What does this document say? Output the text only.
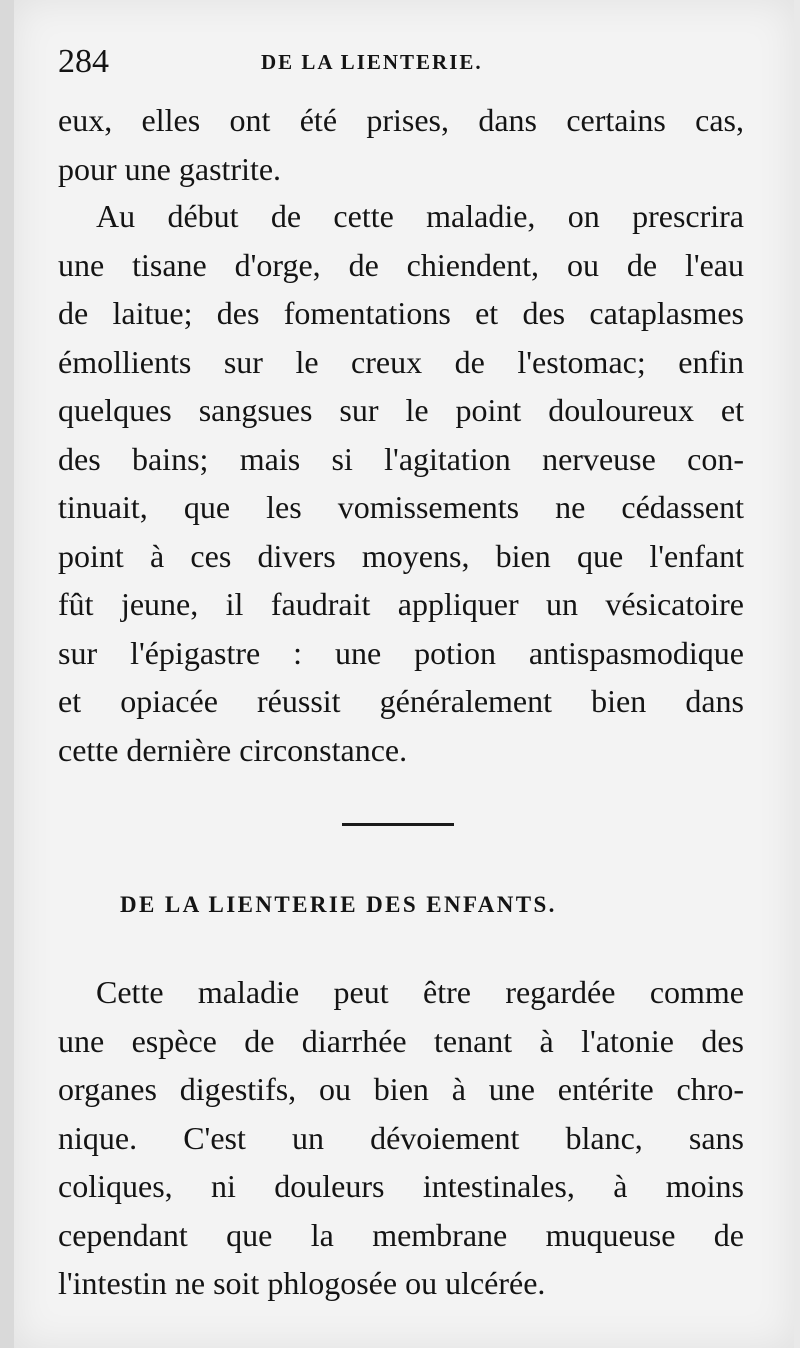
284	DE LA LIENTERIE.
eux, elles ont été prises, dans certains cas,
pour une gastrite.
Au début de cette maladie, on prescrira
une tisane d'orge, de chiendent, ou de l'eau
de laitue; des fomentations et des cataplasmes
émollients sur le creux de l'estomac; enfin
quelques sangsues sur le point douloureux et
des bains; mais si l'agitation nerveuse con-
tinuait, que les vomissements ne cédassent
point à ces divers moyens, bien que l'enfant
fût jeune, il faudrait appliquer un vésicatoire
sur l'épigastre : une potion antispasmodique
et opiacée réussit généralement bien dans
cette dernière circonstance.
DE LA LIENTERIE DES ENFANTS.
Cette maladie peut être regardée comme
une espèce de diarrhée tenant à l'atonie des
organes digestifs, ou bien à une entérite chro-
nique. C'est un dévoiement blanc, sans
coliques, ni douleurs intestinales, à moins
cependant que la membrane muqueuse de
l'intestin ne soit phlogosée ou ulcérée.
